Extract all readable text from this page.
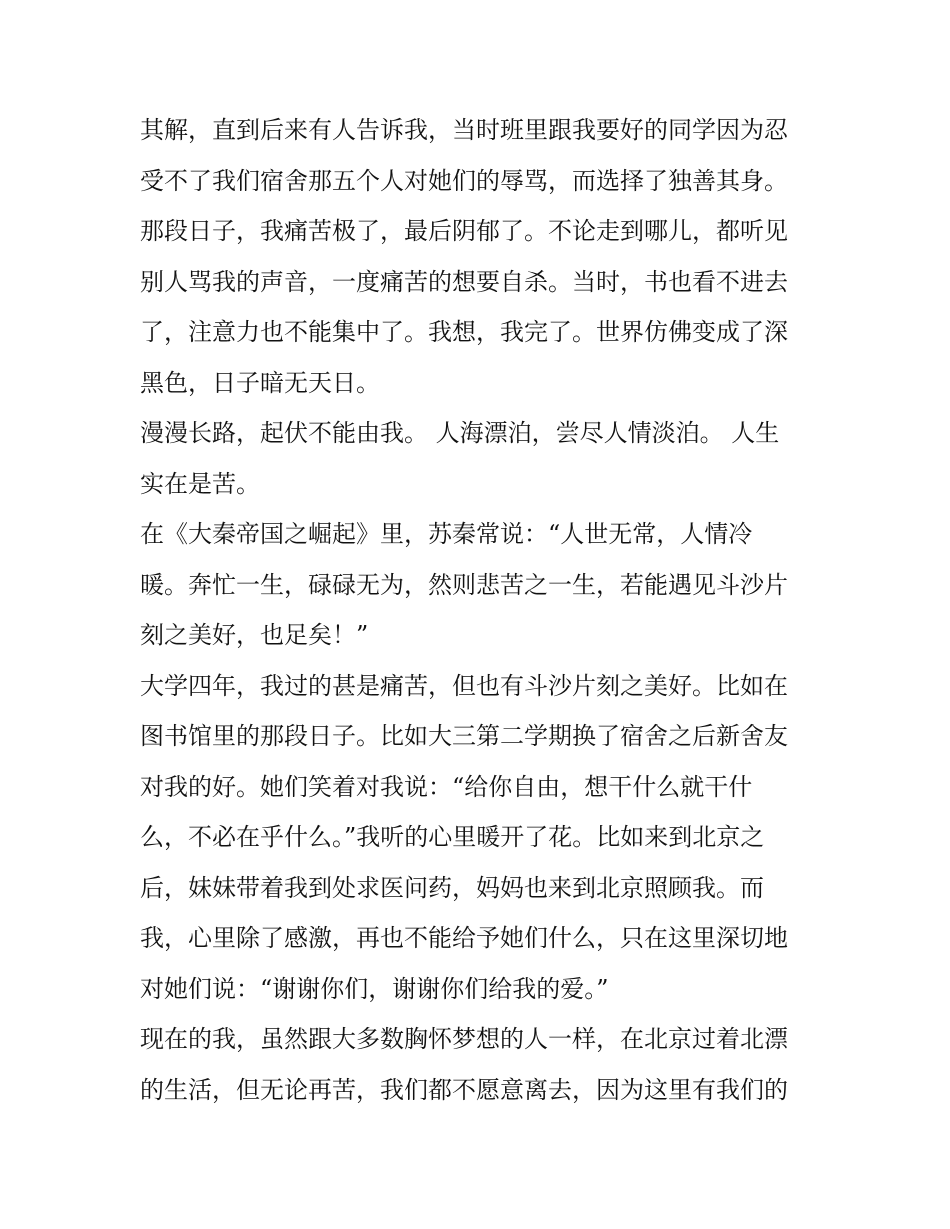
其解，直到后来有人告诉我，当时班里跟我要好的同学因为忍
受不了我们宿舍那五个人对她们的辱骂，而选择了独善其身。
那段日子，我痛苦极了，最后阴郁了。不论走到哪儿，都听见
别人骂我的声音，一度痛苦的想要自杀。当时，书也看不进去
了，注意力也不能集中了。我想，我完了。世界仿佛变成了深
黑色，日子暗无天日。
漫漫长路，起伏不能由我。 人海漂泊，尝尽人情淡泊。 人生
实在是苦。
在《大秦帝国之崛起》里，苏秦常说：“人世无常，人情冷
暖。奔忙一生，碌碌无为，然则悲苦之一生，若能遇见斗沙片
刻之美好，也足矣！”
大学四年，我过的甚是痛苦，但也有斗沙片刻之美好。比如在
图书馆里的那段日子。比如大三第二学期换了宿舍之后新舍友
对我的好。她们笑着对我说：“给你自由，想干什么就干什
么，不必在乎什么。”我听的心里暖开了花。比如来到北京之
后，妹妹带着我到处求医问药，妈妈也来到北京照顾我。而
我，心里除了感激，再也不能给予她们什么，只在这里深切地
对她们说：“谢谢你们，谢谢你们给我的爱。”
现在的我，虽然跟大多数胸怀梦想的人一样，在北京过着北漂
的生活，但无论再苦，我们都不愿意离去，因为这里有我们的
